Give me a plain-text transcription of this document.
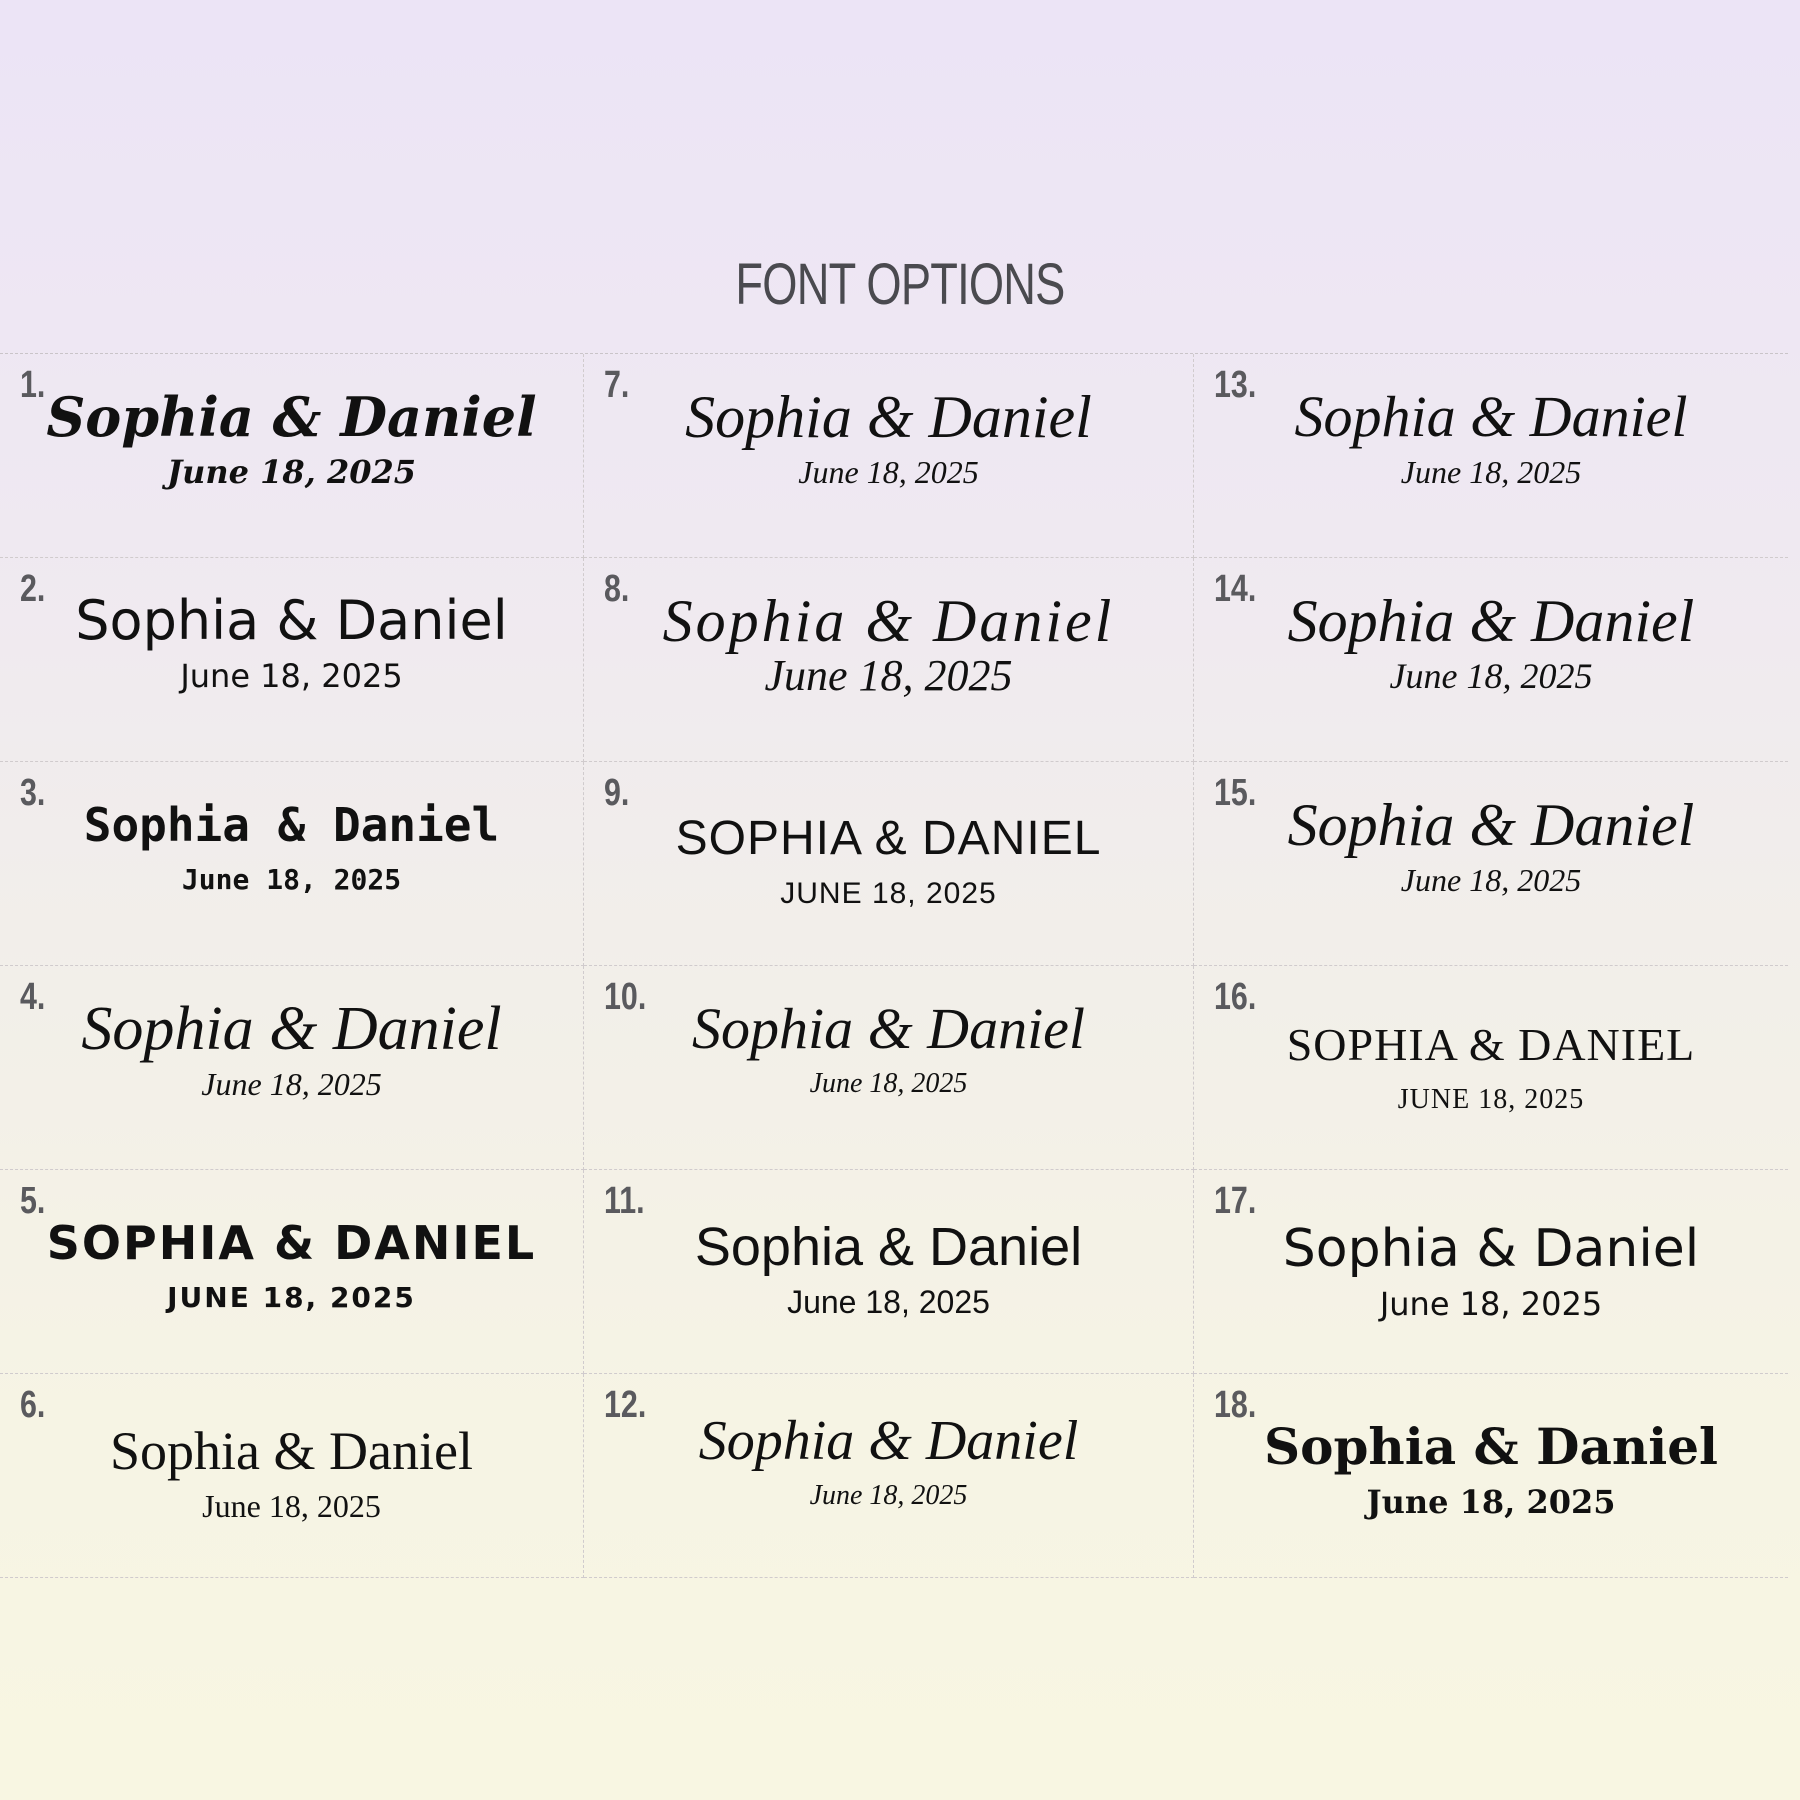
FONT OPTIONS
1. Sophia & Daniel
June 18, 2025
2. Sophia & Daniel
June 18, 2025
3.
Sophia & Daniel
June 18, 2025
4. Sophia & Daniel
June 18, 2025
5.
SOPHIA & DANIEL
JUNE 18, 2025
6.
Sophia & Daniel
June 18, 2025
7. Sophia & Daniel
June 18, 2025
8. Sophia & Daniel
June 18, 2025
9.
SOPHIA & DANIEL
JUNE 18, 2025
10. Sophia & Daniel
June 18, 2025
11.
Sophia & Daniel
June 18, 2025
12.
Sophia & Daniel
June 18, 2025
13. Sophia & Daniel
June 18, 2025
14. Sophia & Daniel
June 18, 2025
15. Sophia & Daniel
June 18, 2025
16.
SOPHIA & DANIEL
JUNE 18, 2025
17.
Sophia & Daniel
June 18, 2025
18.
Sophia & Daniel
June 18, 2025
